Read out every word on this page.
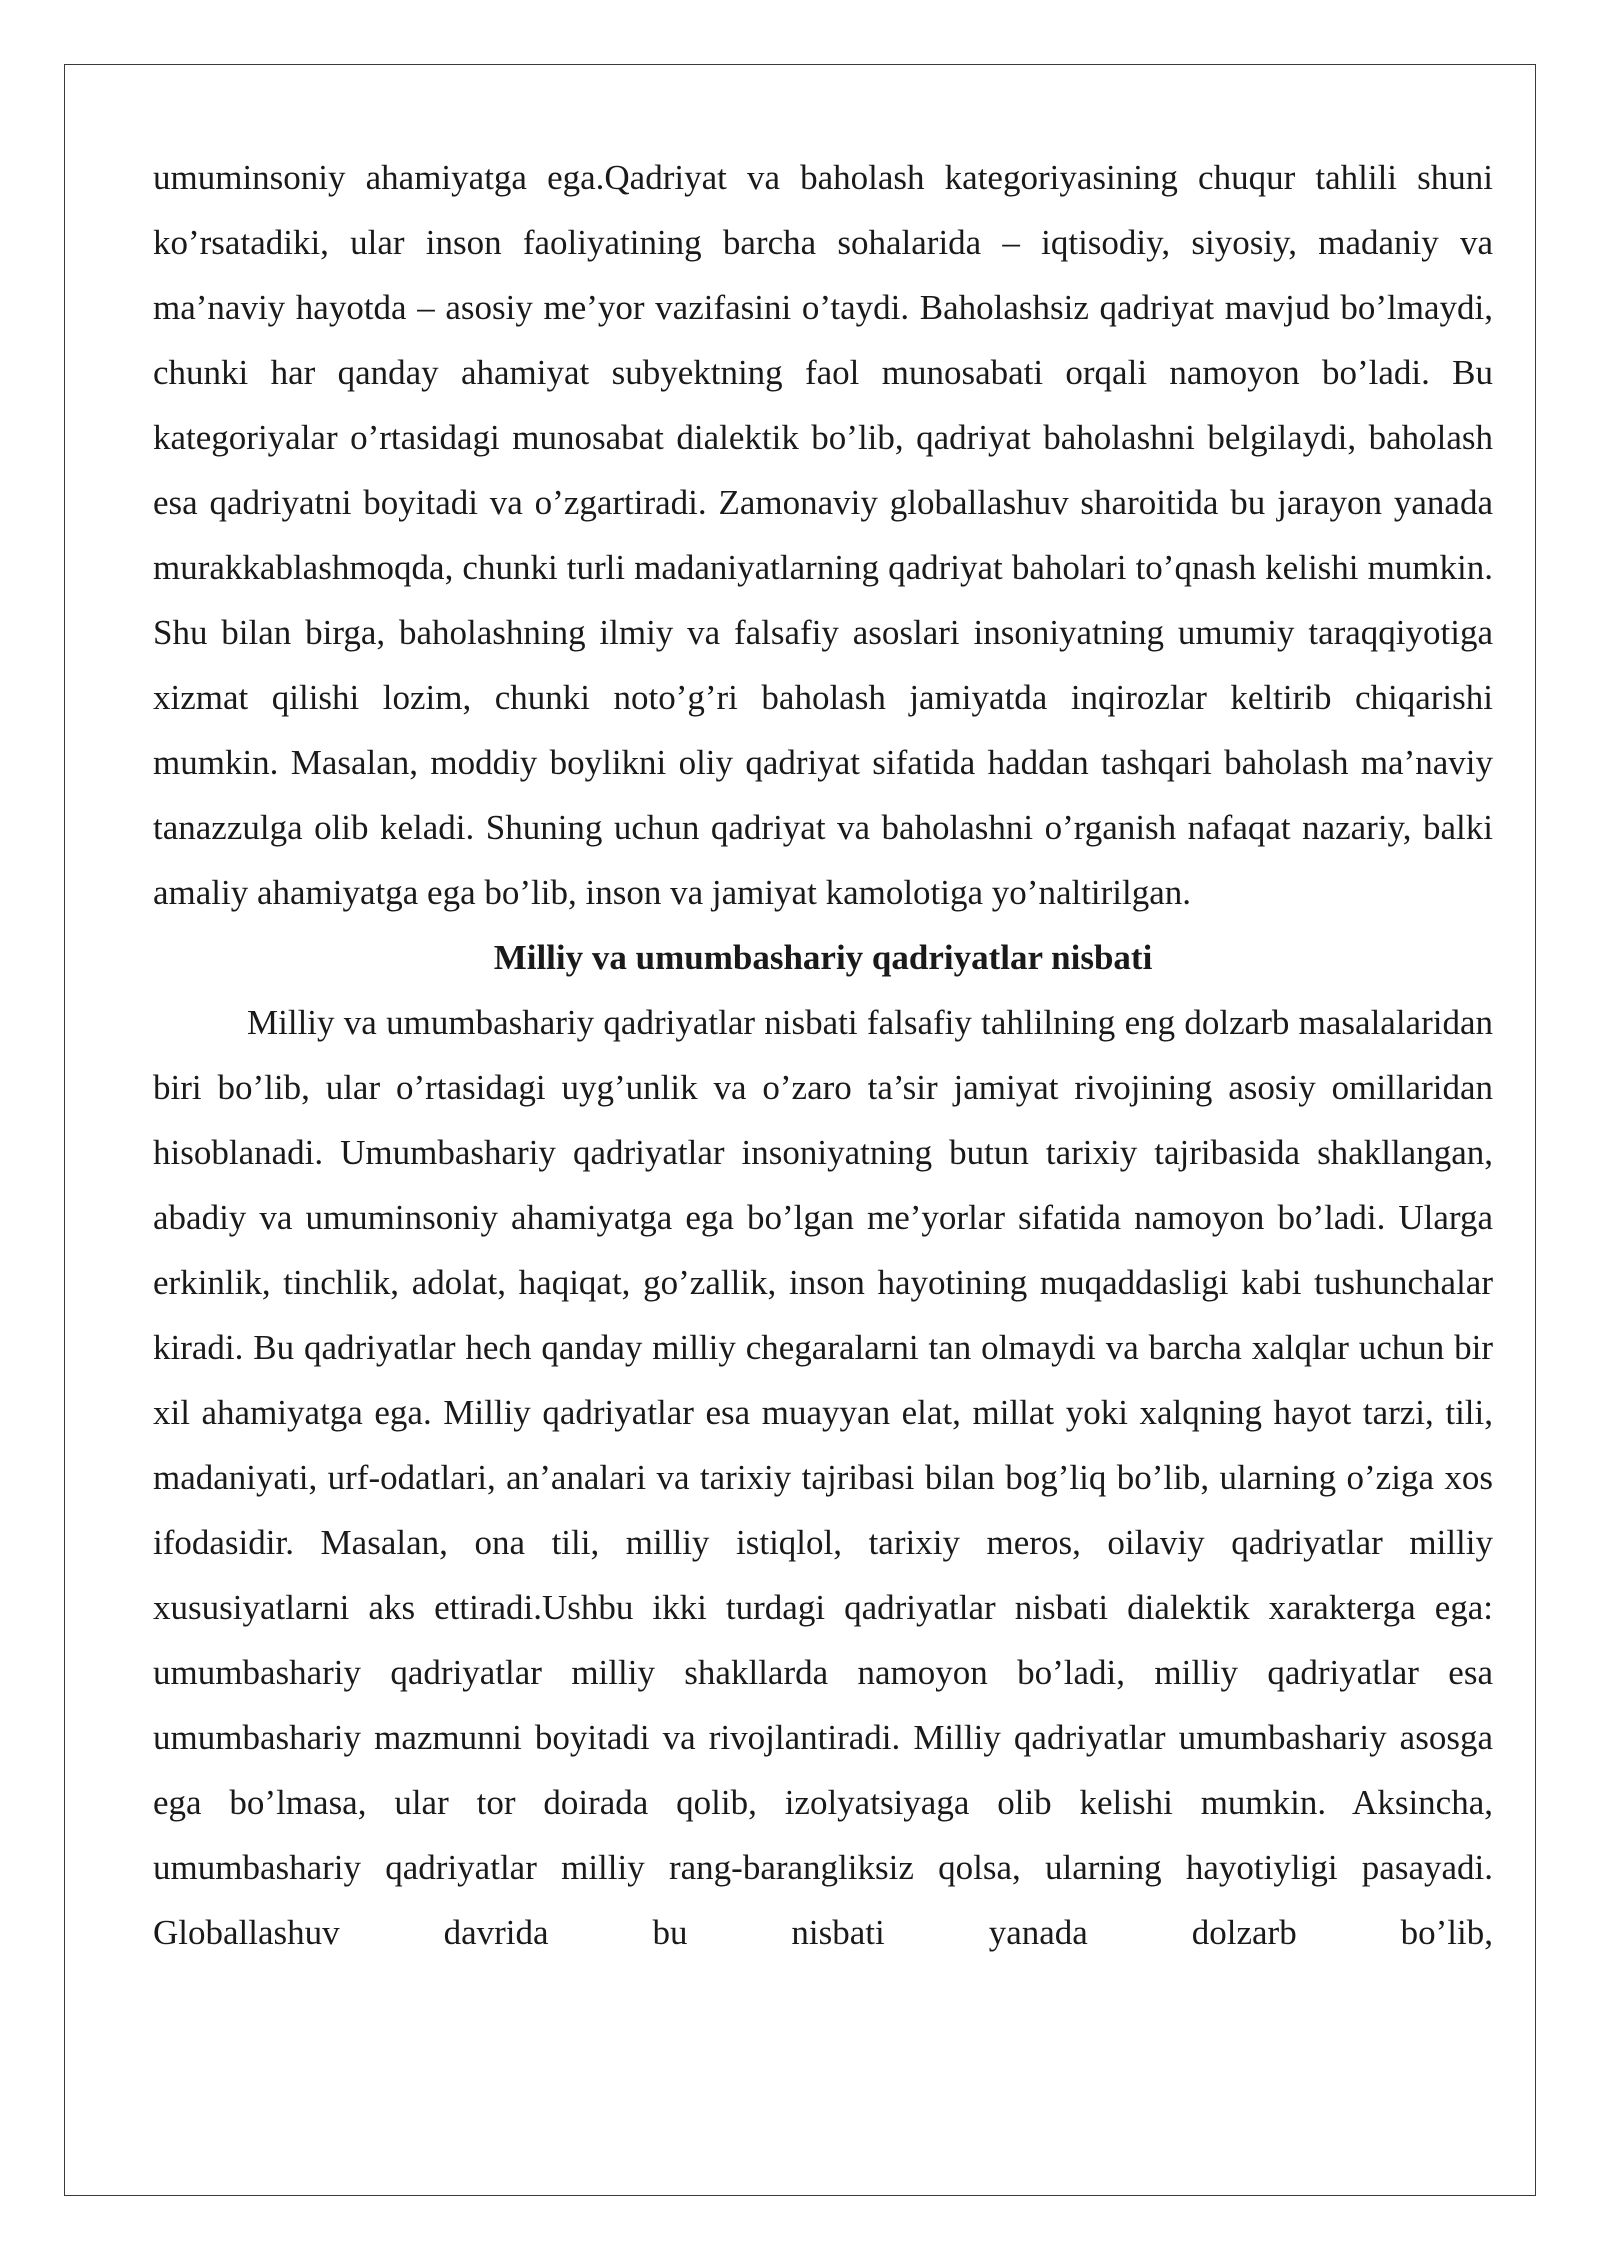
umuminsoniy ahamiyatga ega.Qadriyat va baholash kategoriyasining chuqur tahlili shuni ko’rsatadiki, ular inson faoliyatining barcha sohalarida – iqtisodiy, siyosiy, madaniy va ma’naviy hayotda – asosiy me’yor vazifasini o’taydi. Baholashsiz qadriyat mavjud bo’lmaydi, chunki har qanday ahamiyat subyektning faol munosabati orqali namoyon bo’ladi. Bu kategoriyalar o’rtasidagi munosabat dialektik bo’lib, qadriyat baholashni belgilaydi, baholash esa qadriyatni boyitadi va o’zgartiradi. Zamonaviy globallashuv sharoitida bu jarayon yanada murakkablashmoqda, chunki turli madaniyatlarning qadriyat baholari to’qnash kelishi mumkin. Shu bilan birga, baholashning ilmiy va falsafiy asoslari insoniyatning umumiy taraqqiyotiga xizmat qilishi lozim, chunki noto’g’ri baholash jamiyatda inqirozlar keltirib chiqarishi mumkin. Masalan, moddiy boylikni oliy qadriyat sifatida haddan tashqari baholash ma’naviy tanazzulga olib keladi. Shuning uchun qadriyat va baholashni o’rganish nafaqat nazariy, balki amaliy ahamiyatga ega bo’lib, inson va jamiyat kamolotiga yo’naltirilgan.

Milliy va umumbashariy qadriyatlar nisbati

Milliy va umumbashariy qadriyatlar nisbati falsafiy tahlilning eng dolzarb masalalaridan biri bo’lib, ular o’rtasidagi uyg’unlik va o’zaro ta’sir jamiyat rivojining asosiy omillaridan hisoblanadi. Umumbashariy qadriyatlar insoniyatning butun tarixiy tajribasida shakllangan, abadiy va umuminsoniy ahamiyatga ega bo’lgan me’yorlar sifatida namoyon bo’ladi. Ularga erkinlik, tinchlik, adolat, haqiqat, go’zallik, inson hayotining muqaddasligi kabi tushunchalar kiradi. Bu qadriyatlar hech qanday milliy chegaralarni tan olmaydi va barcha xalqlar uchun bir xil ahamiyatga ega. Milliy qadriyatlar esa muayyan elat, millat yoki xalqning hayot tarzi, tili, madaniyati, urf-odatlari, an’analari va tarixiy tajribasi bilan bog’liq bo’lib, ularning o’ziga xos ifodasidir. Masalan, ona tili, milliy istiqlol, tarixiy meros, oilaviy qadriyatlar milliy xususiyatlarni aks ettiradi.Ushbu ikki turdagi qadriyatlar nisbati dialektik xarakterga ega: umumbashariy qadriyatlar milliy shakllarda namoyon bo’ladi, milliy qadriyatlar esa umumbashariy mazmunni boyitadi va rivojlantiradi. Milliy qadriyatlar umumbashariy asosga ega bo’lmasa, ular tor doirada qolib, izolyatsiyaga olib kelishi mumkin. Aksincha, umumbashariy qadriyatlar milliy rang-barangliksiz qolsa, ularning hayotiyligi pasayadi. Globallashuv davrida bu nisbati yanada dolzarb bo’lib,
